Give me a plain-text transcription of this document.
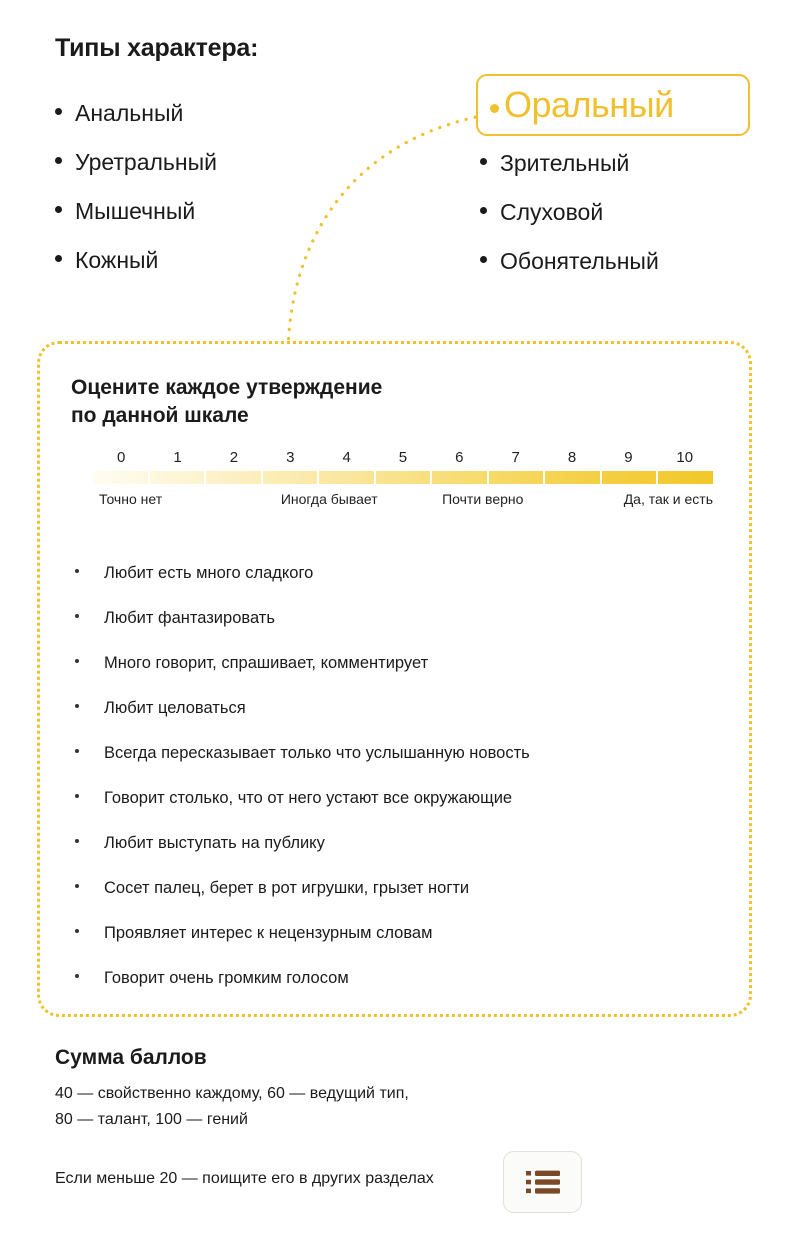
Типы характера:
Анальный
Уретральный
Мышечный
Кожный
Зрительный
Слуховой
Обонятельный
Оральный
Оцените каждое утверждение
по данной шкале
0	1	2	3	4	5	6	7	8	9	10
Точно нет	Иногда бывает	Почти верно	Да, так и есть
Любит есть много сладкого
Любит фантазировать
Много говорит, спрашивает, комментирует
Любит целоваться
Всегда пересказывает только что услышанную новость
Говорит столько, что от него устают все окружающие
Любит выступать на публику
Сосет палец, берет в рот игрушки, грызет ногти
Проявляет интерес к нецензурным словам
Говорит очень громким голосом
Сумма баллов
40 — свойственно каждому, 60 — ведущий тип,
80 — талант, 100 — гений
Если меньше 20 — поищите его в других разделах
